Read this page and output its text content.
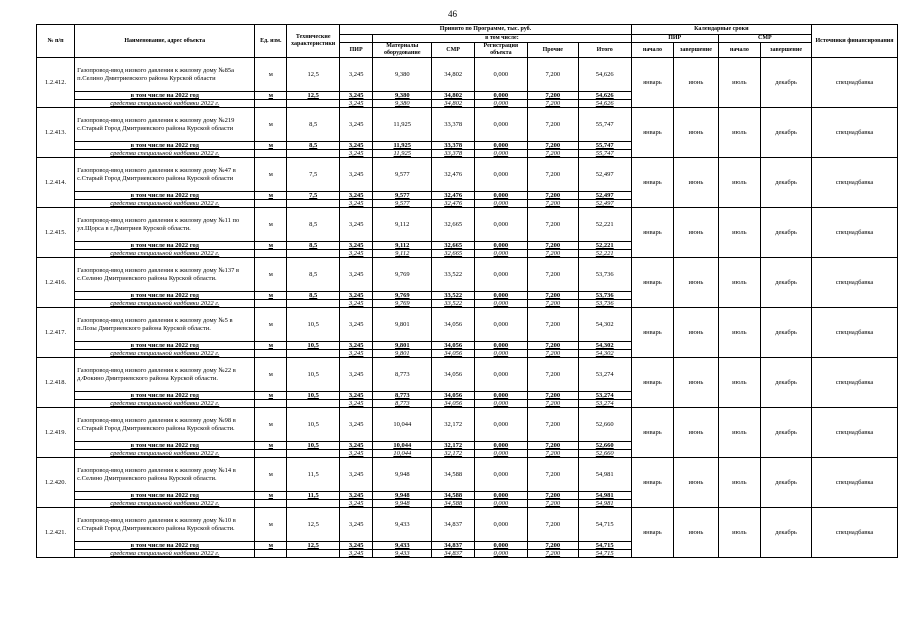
46
№ п/п	Наименование, адрес объекта	Ед. изм.	Технические характеристики	Принято по Программе, тыс. руб.						Календарные сроки				Источники финансирования
					в том числе:					ПИР		СМР		
				ПИР	Материалы оборудование	СМР	Регистрация объекта	Прочие	Итого	начало	завершение	начало	завершение	
1.2.412.	Газопровод-ввод низкого давления к жилому дому №85а п.Селино Дмитриевского района Курской области	м	12,5	3,245	9,380	34,802	0,000	7,200	54,626	январь	июнь	июль	декабрь	спецнадбавка
	в том числе на 2022 год	м	12,5	3,245	9,380	34,802	0,000	7,200	54,626					
	средства специальной надбавки 2022 г.			3,245	9,380	34,802	0,000	7,200	54,626					
1.2.413.	Газопровод-ввод низкого давления к жилому дому №219 с.Старый Город Дмитриевского района Курской области	м	8,5	3,245	11,925	33,378	0,000	7,200	55,747	январь	июнь	июль	декабрь	спецнадбавка
	в том числе на 2022 год	м	8,5	3,245	11,925	33,378	0,000	7,200	55,747					
	средства специальной надбавки 2022 г.			3,245	11,925	33,378	0,000	7,200	55,747					
1.2.414.	Газопровод-ввод низкого давления к жилому дому №47 в с.Старый Город Дмитриевского района Курской области	м	7,5	3,245	9,577	32,476	0,000	7,200	52,497	январь	июнь	июль	декабрь	спецнадбавка
	в том числе на 2022 год	м	7,5	3,245	9,577	32,476	0,000	7,200	52,497					
	средства специальной надбавки 2022 г.			3,245	9,577	32,476	0,000	7,200	52,497					
1.2.415.	Газопровод-ввод низкого давления к жилому дому №11 по ул.Щорса в г.Дмитриев Курской области.	м	8,5	3,245	9,112	32,665	0,000	7,200	52,221	январь	июнь	июль	декабрь	спецнадбавка
	в том числе на 2022 год	м	8,5	3,245	9,112	32,665	0,000	7,200	52,221					
	средства специальной надбавки 2022 г.			3,245	9,112	32,665	0,000	7,200	52,221					
1.2.416.	Газопровод-ввод низкого давления к жилому дому №137 в с.Селино Дмитриевского района Курской области.	м	8,5	3,245	9,769	33,522	0,000	7,200	53,736	январь	июнь	июль	декабрь	спецнадбавка
	в том числе на 2022 год	м	8,5	3,245	9,769	33,522	0,000	7,200	53,736					
	средства специальной надбавки 2022 г.			3,245	9,769	33,522	0,000	7,200	53,736					
1.2.417.	Газопровод-ввод низкого давления к жилому дому №5 в п.Лозы Дмитриевского района Курской области.	м	10,5	3,245	9,801	34,056	0,000	7,200	54,302	январь	июнь	июль	декабрь	спецнадбавка
	в том числе на 2022 год	м	10,5	3,245	9,801	34,056	0,000	7,200	54,302					
	средства специальной надбавки 2022 г.			3,245	9,801	34,056	0,000	7,200	54,302					
1.2.418.	Газопровод-ввод низкого давления к жилому дому №22 в д.Фокино Дмитриевского района Курской области.	м	10,5	3,245	8,773	34,056	0,000	7,200	53,274	январь	июнь	июль	декабрь	спецнадбавка
	в том числе на 2022 год	м	10,5	3,245	8,773	34,056	0,000	7,200	53,274					
	средства специальной надбавки 2022 г.			3,245	8,773	34,056	0,000	7,200	53,274					
1.2.419.	Газопровод-ввод низкого давления к жилому дому №98 в с.Старый Город Дмитриевского района Курской области.	м	10,5	3,245	10,044	32,172	0,000	7,200	52,660	январь	июнь	июль	декабрь	спецнадбавка
	в том числе на 2022 год	м	10,5	3,245	10,044	32,172	0,000	7,200	52,660					
	средства специальной надбавки 2022 г.			3,245	10,044	32,172	0,000	7,200	52,660					
1.2.420.	Газопровод-ввод низкого давления к жилому дому №14 в с.Селино Дмитриевского района Курской области.	м	11,5	3,245	9,948	34,588	0,000	7,200	54,981	январь	июнь	июль	декабрь	спецнадбавка
	в том числе на 2022 год	м	11,5	3,245	9,948	34,588	0,000	7,200	54,981					
	средства специальной надбавки 2022 г.			3,245	9,948	34,588	0,000	7,200	54,981					
1.2.421.	Газопровод-ввод низкого давления к жилому дому №10 в с.Старый Город Дмитриевского района Курской области.	м	12,5	3,245	9,433	34,837	0,000	7,200	54,715	январь	июнь	июль	декабрь	спецнадбавка
	в том числе на 2022 год	м	12,5	3,245	9,433	34,837	0,000	7,200	54,715					
	средства специальной надбавки 2022 г.			3,245	9,433	34,837	0,000	7,200	54,715					
